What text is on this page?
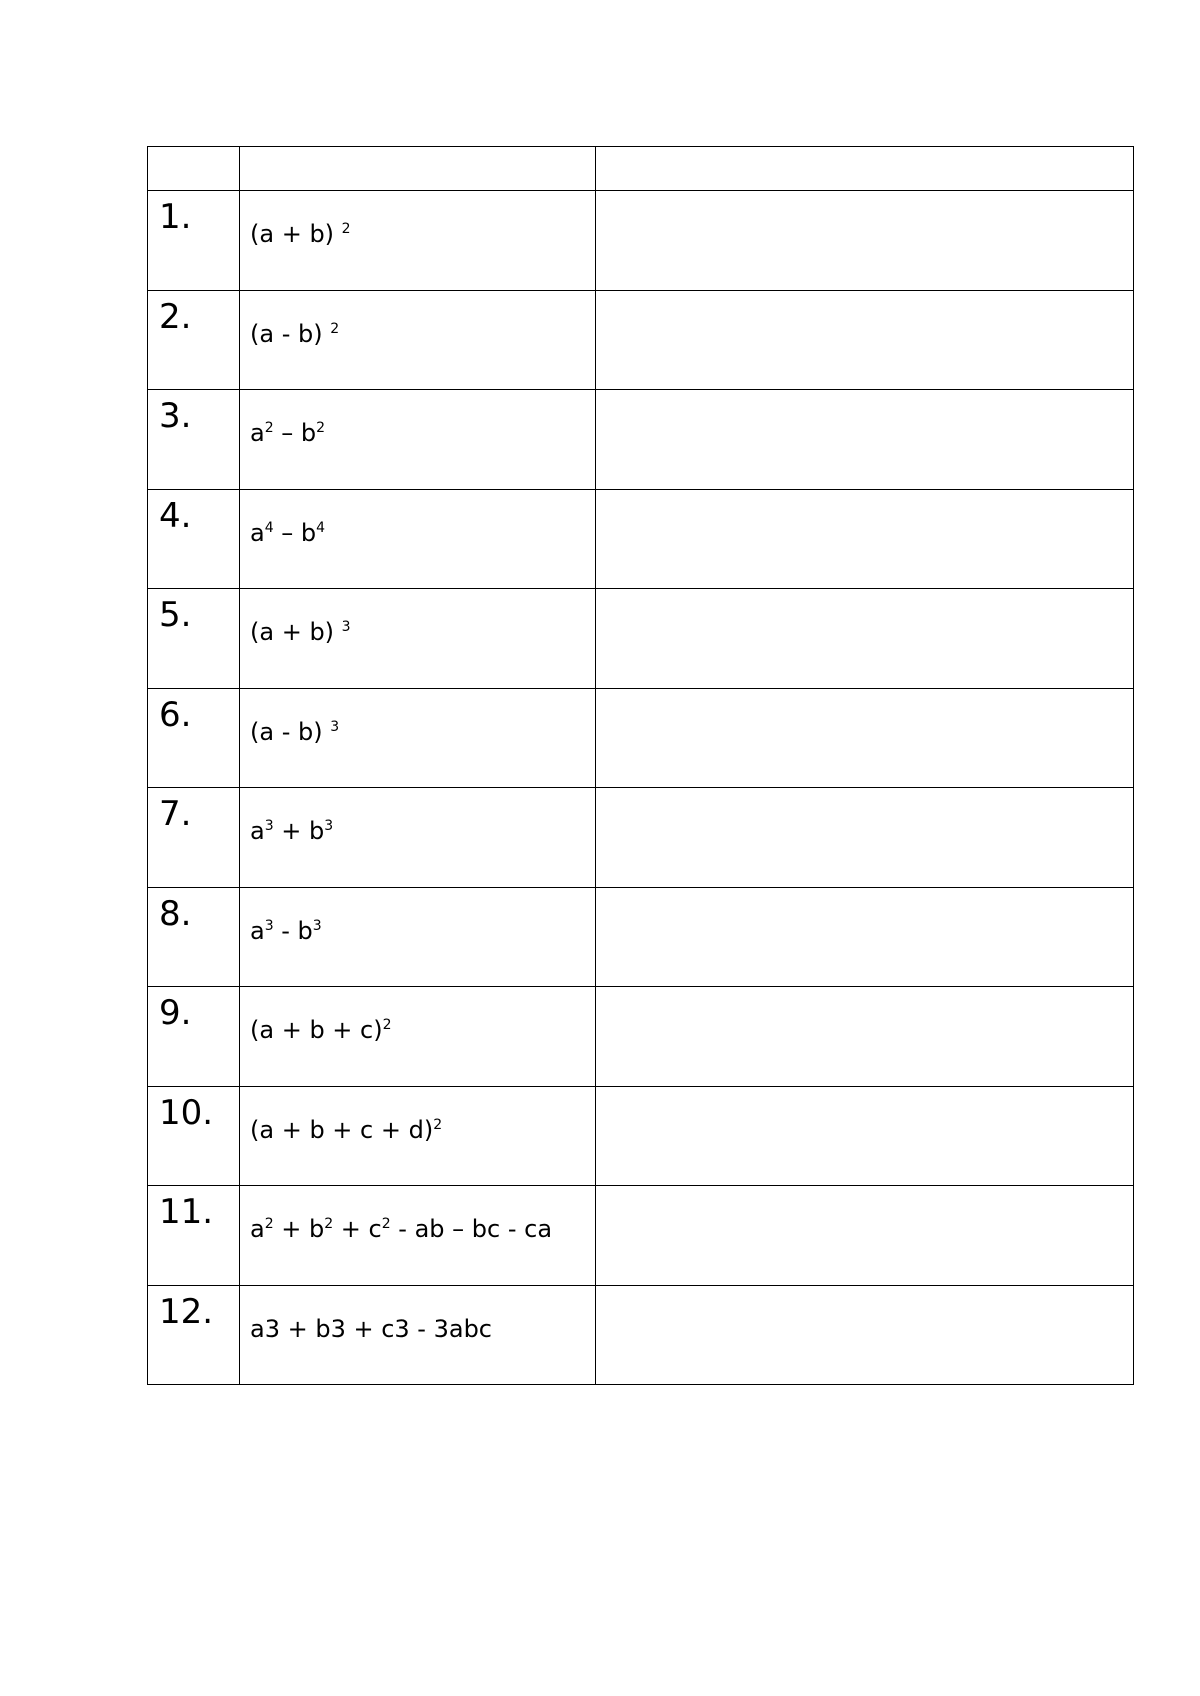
1.	(a + b) $^2$

2.	(a - b) $^2$

3.	$a^2 - b^2$

4.	$a^4 - b^4$

5.	(a + b) $^3$

6.	(a - b) $^3$

7.	$a^3 + b^3$

8.	$a^3 - b^3$

9.	$(a + b + c)^2$

10.	$(a + b + c + d)^2$

11.	$a^2 + b^2 + c^2$ - ab – bc - ca	

12.	a3 + b3 + c3 - 3abc	
